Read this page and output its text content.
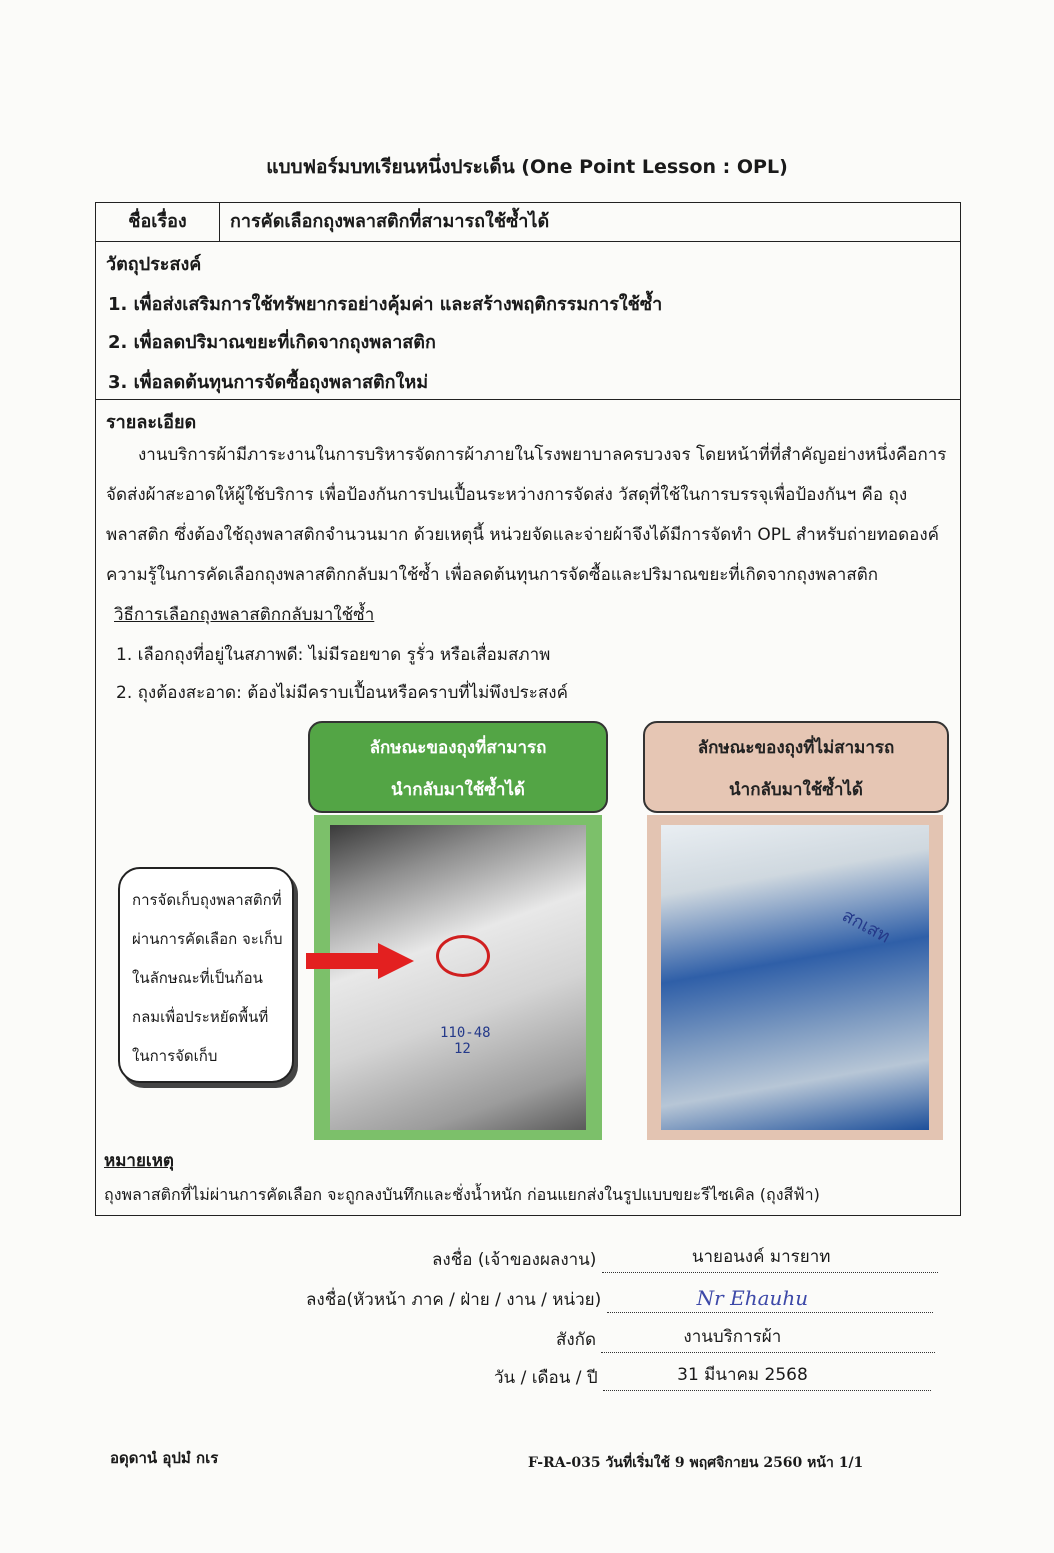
แบบฟอร์มบทเรียนหนึ่งประเด็น (One Point Lesson : OPL)
ชื่อเรื่อง	การคัดเลือกถุงพลาสติกที่สามารถใช้ซ้ำได้
วัตถุประสงค์
1. เพื่อส่งเสริมการใช้ทรัพยากรอย่างคุ้มค่า และสร้างพฤติกรรมการใช้ซ้ำ
2. เพื่อลดปริมาณขยะที่เกิดจากถุงพลาสติก
3. เพื่อลดต้นทุนการจัดซื้อถุงพลาสติกใหม่
รายละเอียด

งานบริการผ้ามีภาระงานในการบริหารจัดการผ้าภายในโรงพยาบาลครบวงจร โดยหน้าที่ที่สำคัญอย่างหนึ่งคือการจัดส่งผ้าสะอาดให้ผู้ใช้บริการ เพื่อป้องกันการปนเปื้อนระหว่างการจัดส่ง วัสดุที่ใช้ในการบรรจุเพื่อป้องกันฯ คือ ถุงพลาสติก ซึ่งต้องใช้ถุงพลาสติกจำนวนมาก ด้วยเหตุนี้ หน่วยจัดและจ่ายผ้าจึงได้มีการจัดทำ OPL สำหรับถ่ายทอดองค์ความรู้ในการคัดเลือกถุงพลาสติกกลับมาใช้ซ้ำ เพื่อลดต้นทุนการจัดซื้อและปริมาณขยะที่เกิดจากถุงพลาสติก

วิธีการเลือกถุงพลาสติกกลับมาใช้ซ้ำ
1. เลือกถุงที่อยู่ในสภาพดี: ไม่มีรอยขาด รูรั่ว หรือเสื่อมสภาพ
2. ถุงต้องสะอาด: ต้องไม่มีคราบเปื้อนหรือคราบที่ไม่พึงประสงค์
ลักษณะของถุงที่สามารถ
นำกลับมาใช้ซ้ำได้
ลักษณะของถุงที่ไม่สามารถ
นำกลับมาใช้ซ้ำได้
110-48
12
สกเสท
การจัดเก็บถุงพลาสติกที่ผ่านการคัดเลือก จะเก็บในลักษณะที่เป็นก้อนกลมเพื่อประหยัดพื้นที่ในการจัดเก็บ
หมายเหตุ
ถุงพลาสติกที่ไม่ผ่านการคัดเลือก จะถูกลงบันทึกและชั่งน้ำหนัก ก่อนแยกส่งในรูปแบบขยะรีไซเคิล (ถุงสีฟ้า)
ลงชื่อ (เจ้าของผลงาน)	นายอนงค์ มารยาท
ลงชื่อ(หัวหน้า ภาค / ฝ่าย / งาน / หน่วย)	Nr Ehauhu
สังกัด	งานบริการผ้า
วัน / เดือน / ปี	31 มีนาคม 2568
อดุดานํ อุปมํ กเร	F-RA-035 วันที่เริ่มใช้ 9 พฤศจิกายน 2560 หน้า 1/1
